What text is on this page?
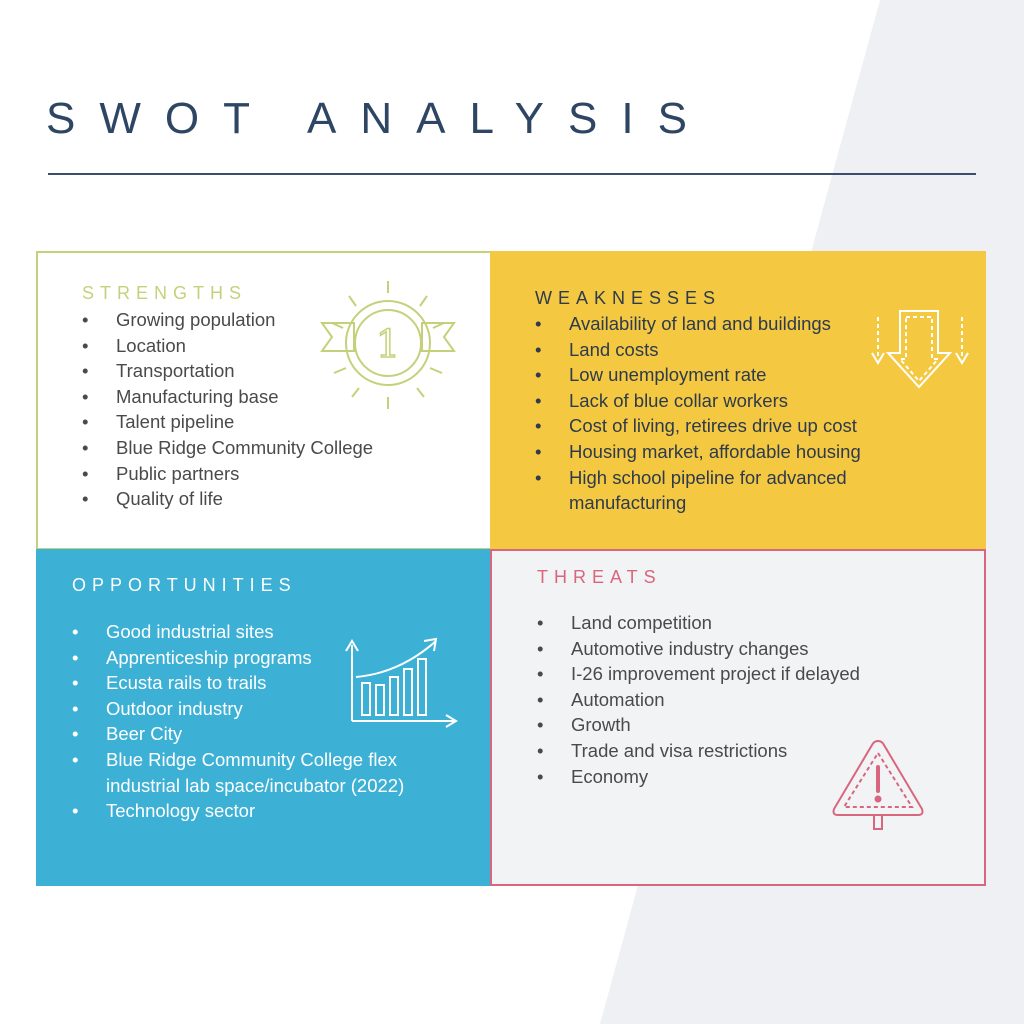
SWOT ANALYSIS
STRENGTHS
• Growing population
• Location
• Transportation
• Manufacturing base
• Talent pipeline
• Blue Ridge Community College
• Public partners
• Quality of life
1
WEAKNESSES
• Availability of land and buildings
• Land costs
• Low unemployment rate
• Lack of blue collar workers
• Cost of living, retirees drive up cost
• Housing market, affordable housing
• High school pipeline for advanced manufacturing
OPPORTUNITIES
• Good industrial sites
• Apprenticeship programs
• Ecusta rails to trails
• Outdoor industry
• Beer City
• Blue Ridge Community College flex industrial lab space/incubator (2022)
• Technology sector
THREATS
• Land competition
• Automotive industry changes
• I-26 improvement project if delayed
• Automation
• Growth
• Trade and visa restrictions
• Economy
